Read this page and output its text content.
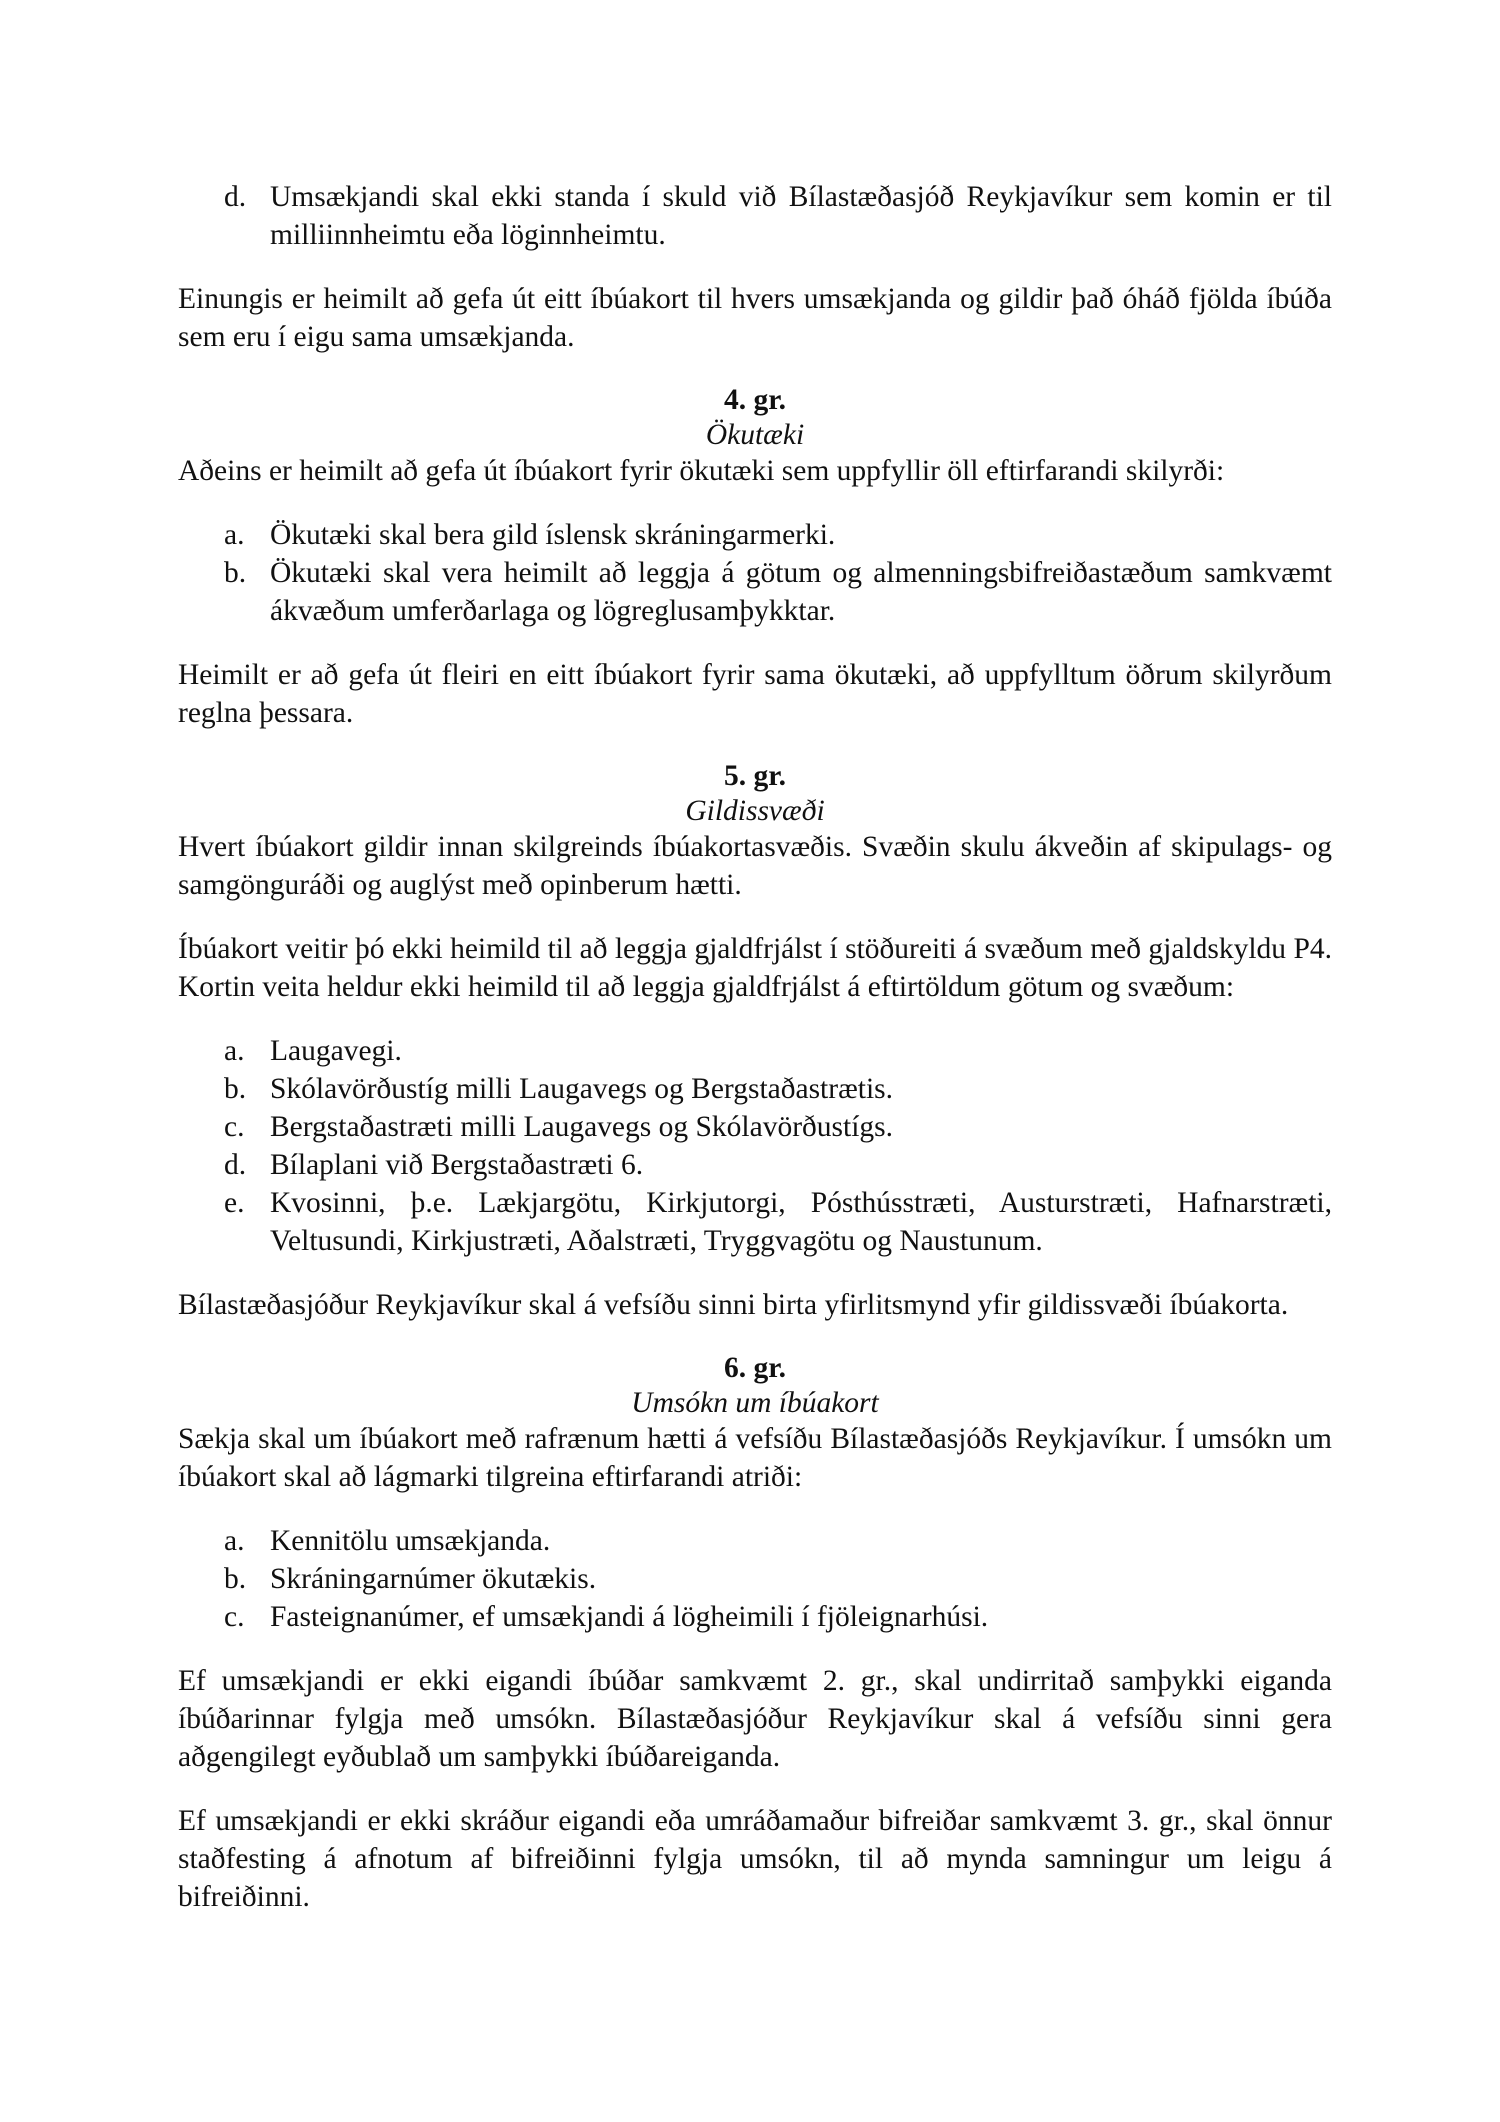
d. Umsækjandi skal ekki standa í skuld við Bílastæðasjóð Reykjavíkur sem komin er til milliinnheimtu eða löginnheimtu.

Einungis er heimilt að gefa út eitt íbúakort til hvers umsækjanda og gildir það óháð fjölda íbúða sem eru í eigu sama umsækjanda.

4. gr.
Ökutæki

Aðeins er heimilt að gefa út íbúakort fyrir ökutæki sem uppfyllir öll eftirfarandi skilyrði:

a. Ökutæki skal bera gild íslensk skráningarmerki.
b. Ökutæki skal vera heimilt að leggja á götum og almenningsbifreiðastæðum samkvæmt ákvæðum umferðarlaga og lögreglusamþykktar.

Heimilt er að gefa út fleiri en eitt íbúakort fyrir sama ökutæki, að uppfylltum öðrum skilyrðum reglna þessara.

5. gr.
Gildissvæði

Hvert íbúakort gildir innan skilgreinds íbúakortasvæðis. Svæðin skulu ákveðin af skipulags- og samgönguráði og auglýst með opinberum hætti.

Íbúakort veitir þó ekki heimild til að leggja gjaldfrjálst í stöðureiti á svæðum með gjaldskyldu P4. Kortin veita heldur ekki heimild til að leggja gjaldfrjálst á eftirtöldum götum og svæðum:

a. Laugavegi.
b. Skólavörðustíg milli Laugavegs og Bergstaðastrætis.
c. Bergstaðastræti milli Laugavegs og Skólavörðustígs.
d. Bílaplani við Bergstaðastræti 6.
e. Kvosinni, þ.e. Lækjargötu, Kirkjutorgi, Pósthússtræti, Austurstræti, Hafnarstræti, Veltusundi, Kirkjustræti, Aðalstræti, Tryggvagötu og Naustunum.

Bílastæðasjóður Reykjavíkur skal á vefsíðu sinni birta yfirlitsmynd yfir gildissvæði íbúakorta.

6. gr.
Umsókn um íbúakort

Sækja skal um íbúakort með rafrænum hætti á vefsíðu Bílastæðasjóðs Reykjavíkur. Í umsókn um íbúakort skal að lágmarki tilgreina eftirfarandi atriði:

a. Kennitölu umsækjanda.
b. Skráningarnúmer ökutækis.
c. Fasteignanúmer, ef umsækjandi á lögheimili í fjöleignarhúsi.

Ef umsækjandi er ekki eigandi íbúðar samkvæmt 2. gr., skal undirritað samþykki eiganda íbúðarinnar fylgja með umsókn. Bílastæðasjóður Reykjavíkur skal á vefsíðu sinni gera aðgengilegt eyðublað um samþykki íbúðareiganda.

Ef umsækjandi er ekki skráður eigandi eða umráðamaður bifreiðar samkvæmt 3. gr., skal önnur staðfesting á afnotum af bifreiðinni fylgja umsókn, til að mynda samningur um leigu á bifreiðinni.
